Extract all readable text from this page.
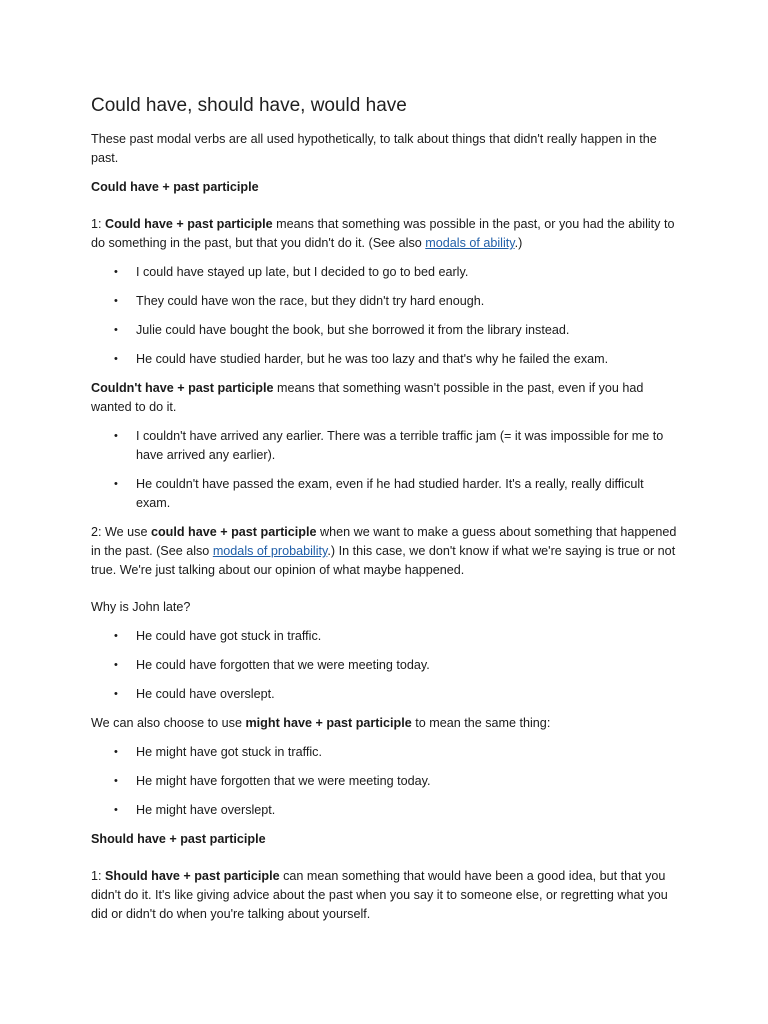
Could have, should have, would have

These past modal verbs are all used hypothetically, to talk about things that didn't really happen in the past.

Could have + past participle

1: Could have + past participle means that something was possible in the past, or you had the ability to do something in the past, but that you didn't do it. (See also modals of ability.)

• I could have stayed up late, but I decided to go to bed early.
• They could have won the race, but they didn't try hard enough.
• Julie could have bought the book, but she borrowed it from the library instead.
• He could have studied harder, but he was too lazy and that's why he failed the exam.

Couldn't have + past participle means that something wasn't possible in the past, even if you had wanted to do it.

• I couldn't have arrived any earlier. There was a terrible traffic jam (= it was impossible for me to have arrived any earlier).
• He couldn't have passed the exam, even if he had studied harder. It's a really, really difficult exam.

2: We use could have + past participle when we want to make a guess about something that happened in the past. (See also modals of probability.) In this case, we don't know if what we're saying is true or not true. We're just talking about our opinion of what maybe happened.

Why is John late?

• He could have got stuck in traffic.
• He could have forgotten that we were meeting today.
• He could have overslept.

We can also choose to use might have + past participle to mean the same thing:

• He might have got stuck in traffic.
• He might have forgotten that we were meeting today.
• He might have overslept.

Should have + past participle

1: Should have + past participle can mean something that would have been a good idea, but that you didn't do it. It's like giving advice about the past when you say it to someone else, or regretting what you did or didn't do when you're talking about yourself.
